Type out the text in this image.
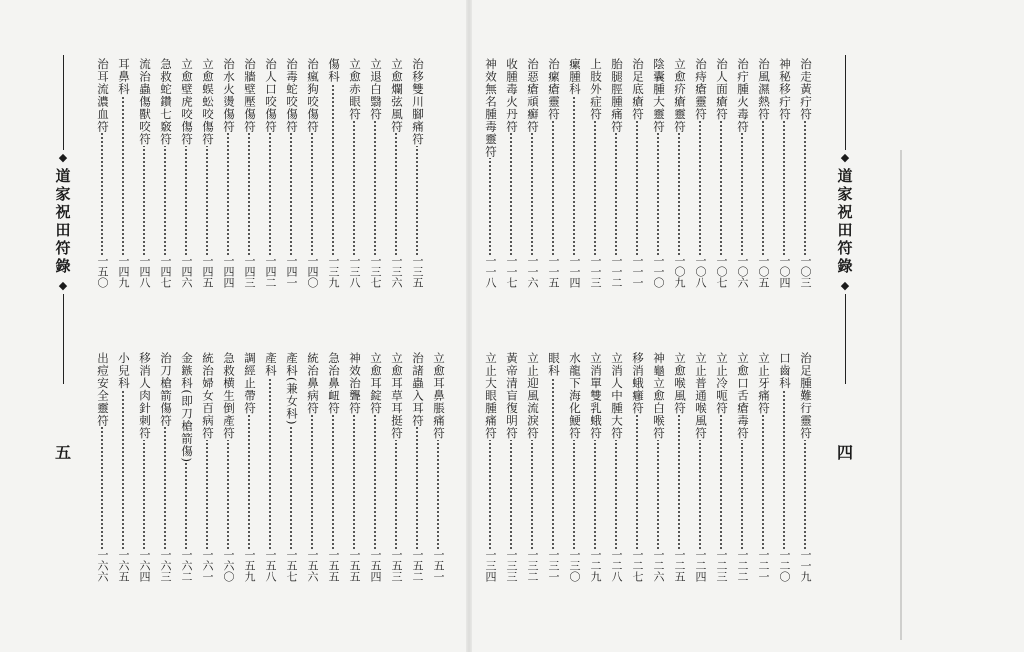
◆
道家祝田符錄
◆
五
治移雙川腳痛符
一三五
立愈爛弦風符
一三六
立退白翳符
一三七
立愈赤眼符
一三八
傷科
一三九
治瘋狗咬傷符
一四〇
治毒蛇咬傷符
一四一
治人口咬傷符
一四二
治牆壁壓傷符
一四三
治水火燙傷符
一四四
立愈蜈蚣咬傷符
一四五
立愈壁虎咬傷符
一四六
急救蛇鑽七竅符
一四七
流治蟲傷獸咬符
一四八
耳鼻科
一四九
治耳流濃血符
一五〇
立愈耳鼻脹痛符
一五一
治諸蟲入耳符
一五二
立愈耳草耳挺符
一五三
立愈耳錠符
一五四
神效治聾符
一五五
急治鼻衄符
一五五
統治鼻病符
一五六
產科(兼女科)
一五七
產科
一五八
調經止帶符
一五九
急救横生倒產符
一六〇
統治婦女百病符
一六一
金鏃科(即刀槍箭傷)
一六二
治刀槍箭傷符
一六三
移消人肉針刺符
一六四
小兒科
一六五
出痘安全靈符
一六六
治走黃疔符
一〇三
神秘移疔符
一〇四
治風濕熱符
一〇五
治疔腫火毒符
一〇六
治人面瘡符
一〇七
治痔瘡靈符
一〇八
立愈疥瘡靈符
一〇九
陰囊腫大靈符
一一〇
治足底瘡符
一一一
胎腿脛腫痛符
一一二
上肢外症符
一一三
瘰腫科
一一四
治瘰瘡靈符
一一五
治惡瘡頑癬符
一一六
收腫毒火丹符
一一七
神效無名腫毒靈符
一一八
治足腫難行靈符
一一九
口齒科
一二〇
立止牙痛符
一二一
立愈口舌瘡毒符
一二二
立止冷呃符
一二三
立止普通喉風符
一二四
立愈喉風符
一二五
神龜立愈白喉符
一二六
移消蛾癰符
一二七
立消人中腫大符
一二八
立消單雙乳蛾符
一二九
水龍下海化鯁符
一三〇
眼科
一三一
立止迎風流淚符
一三二
黃帝清盲復明符
一三三
立止大眼腫痛符
一三四
◆
道家祝田符錄
◆
四
